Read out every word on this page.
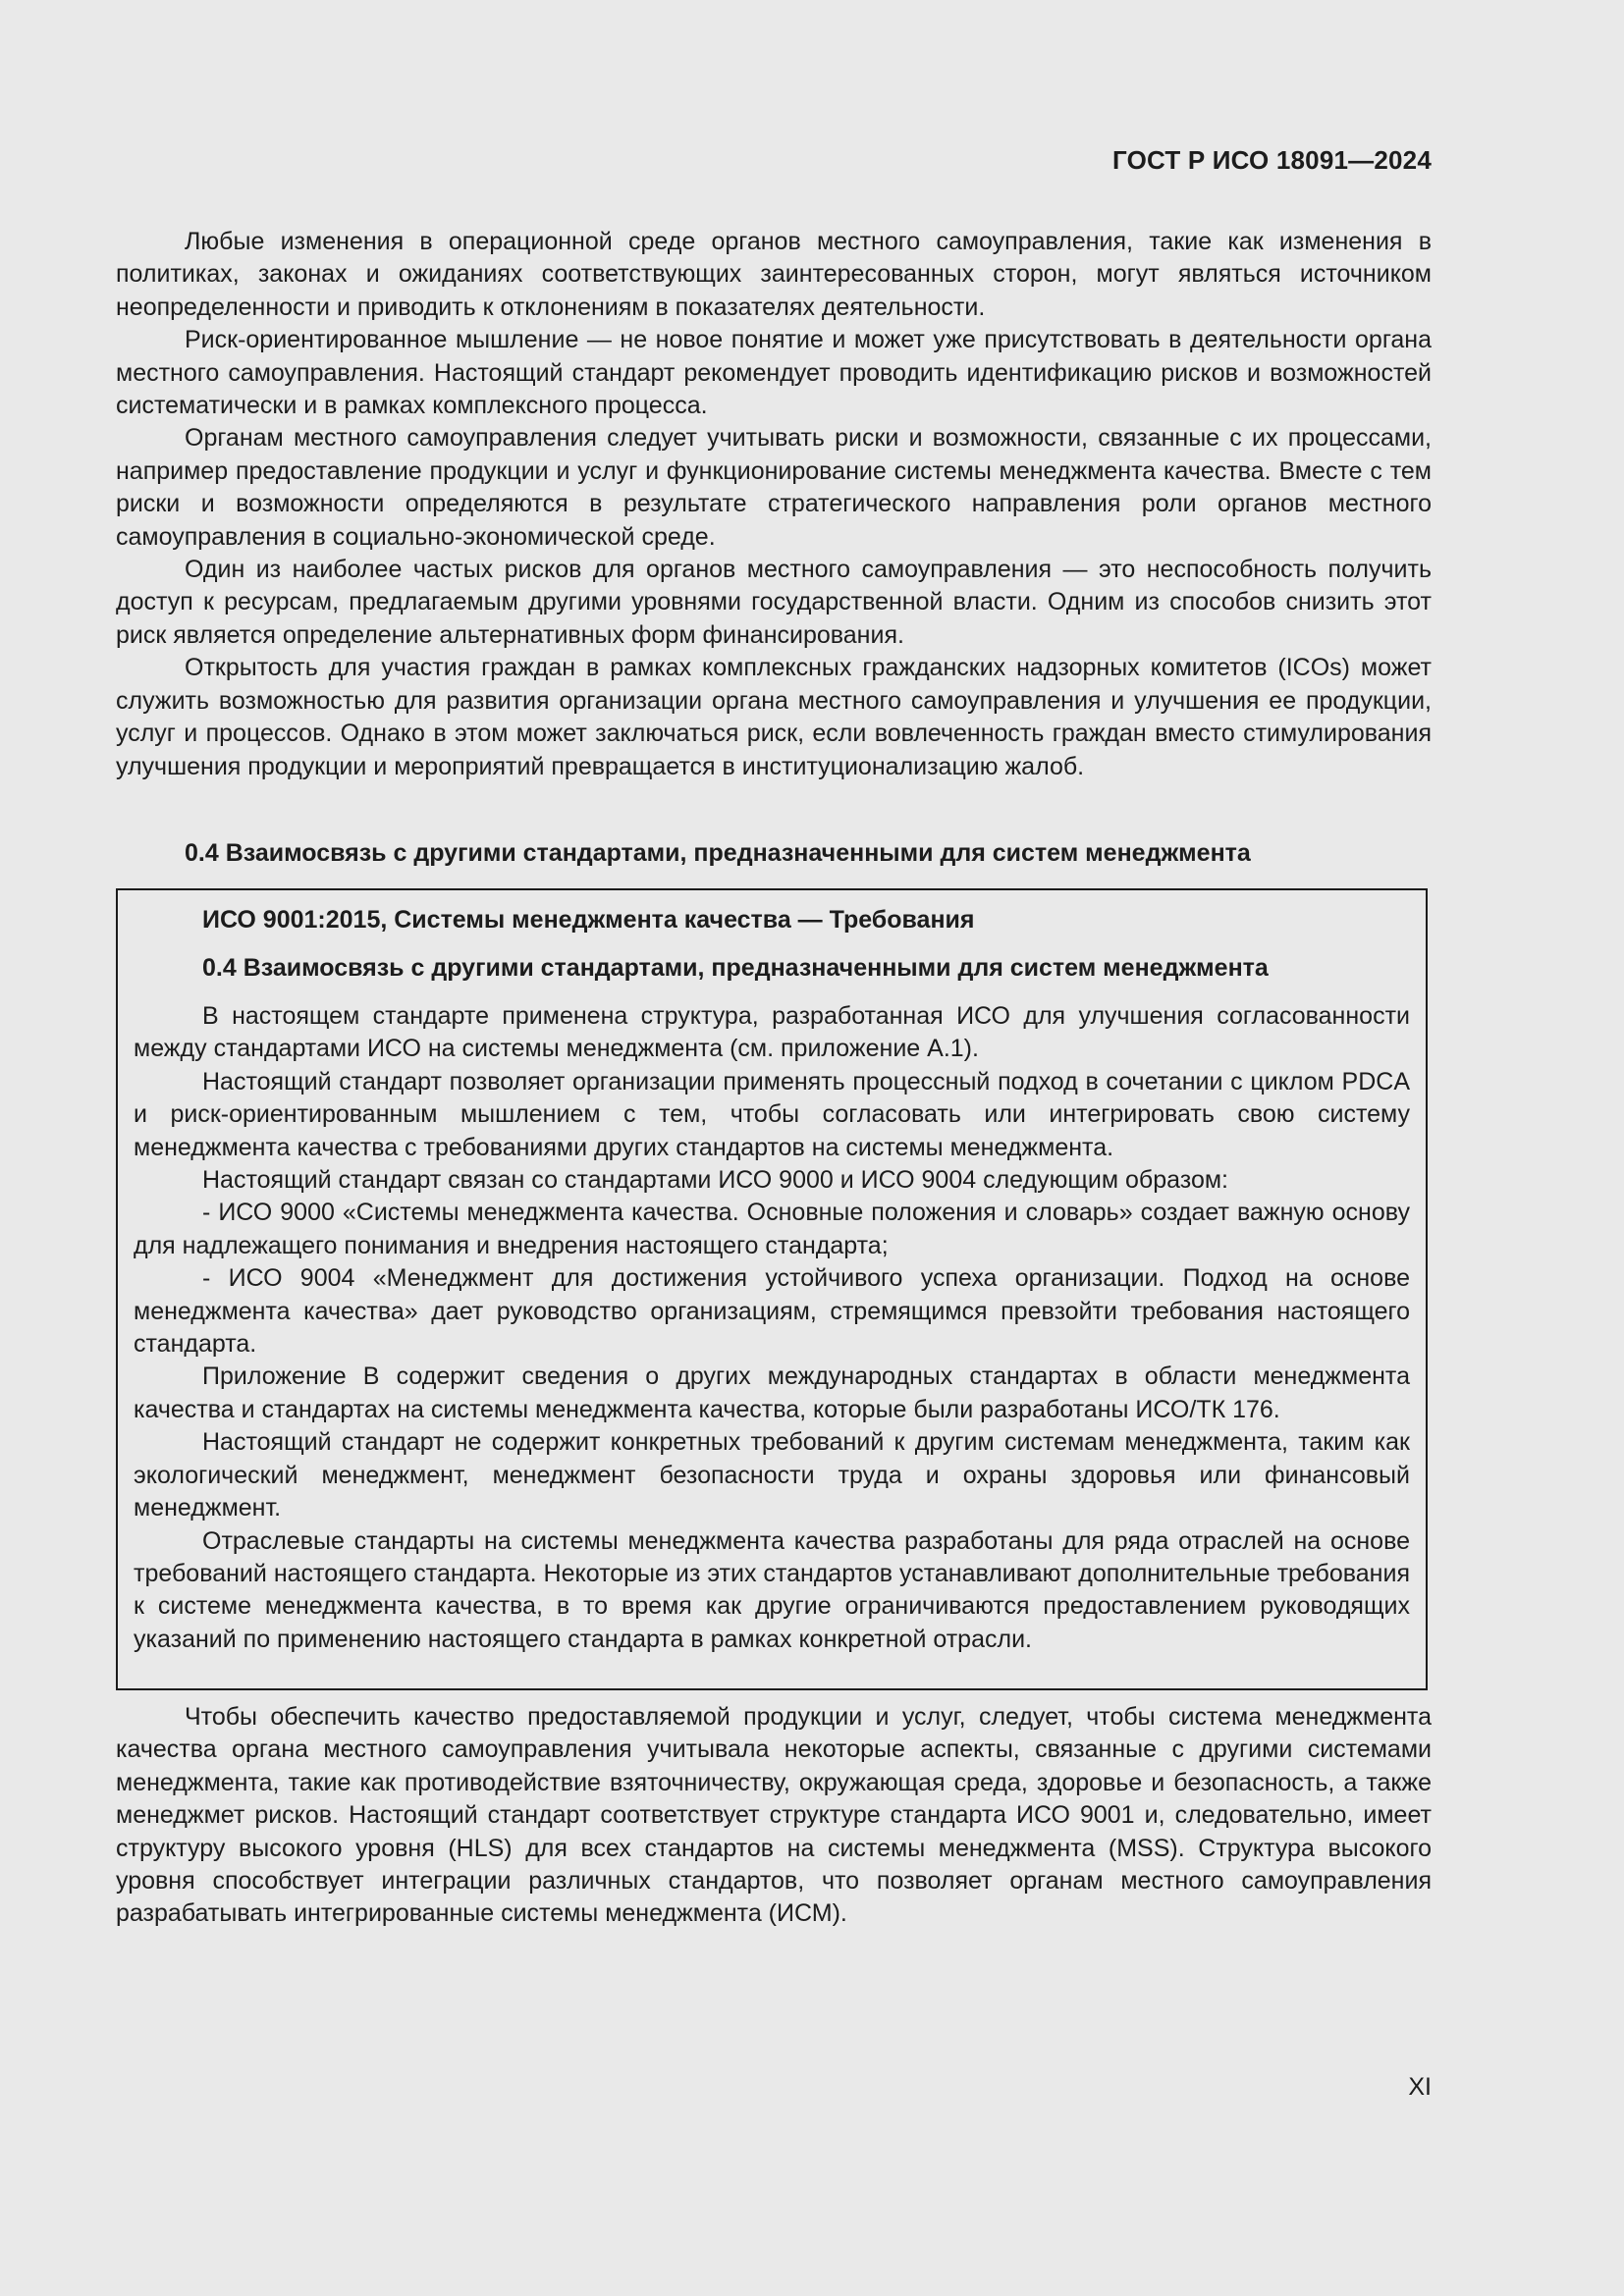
ГОСТ Р ИСО 18091—2024

Любые изменения в операционной среде органов местного самоуправления, такие как изменения в политиках, законах и ожиданиях соответствующих заинтересованных сторон, могут являться источником неопределенности и приводить к отклонениям в показателях деятельности.

Риск-ориентированное мышление — не новое понятие и может уже присутствовать в деятельности органа местного самоуправления. Настоящий стандарт рекомендует проводить идентификацию рисков и возможностей систематически и в рамках комплексного процесса.

Органам местного самоуправления следует учитывать риски и возможности, связанные с их процессами, например предоставление продукции и услуг и функционирование системы менеджмента качества. Вместе с тем риски и возможности определяются в результате стратегического направления роли органов местного самоуправления в социально-экономической среде.

Один из наиболее частых рисков для органов местного самоуправления — это неспособность получить доступ к ресурсам, предлагаемым другими уровнями государственной власти. Одним из способов снизить этот риск является определение альтернативных форм финансирования.

Открытость для участия граждан в рамках комплексных гражданских надзорных комитетов (ICOs) может служить возможностью для развития организации органа местного самоуправления и улучшения ее продукции, услуг и процессов. Однако в этом может заключаться риск, если вовлеченность граждан вместо стимулирования улучшения продукции и мероприятий превращается в институционализацию жалоб.

0.4 Взаимосвязь с другими стандартами, предназначенными для систем менеджмента
ИСО 9001:2015, Системы менеджмента качества — Требования
0.4 Взаимосвязь с другими стандартами, предназначенными для систем менеджмента

В настоящем стандарте применена структура, разработанная ИСО для улучшения согласованности между стандартами ИСО на системы менеджмента (см. приложение А.1).

Настоящий стандарт позволяет организации применять процессный подход в сочетании с циклом PDCA и риск-ориентированным мышлением с тем, чтобы согласовать или интегрировать свою систему менеджмента качества с требованиями других стандартов на системы менеджмента.

Настоящий стандарт связан со стандартами ИСО 9000 и ИСО 9004 следующим образом:

- ИСО 9000 «Системы менеджмента качества. Основные положения и словарь» создает важную основу для надлежащего понимания и внедрения настоящего стандарта;

- ИСО 9004 «Менеджмент для достижения устойчивого успеха организации. Подход на основе менеджмента качества» дает руководство организациям, стремящимся превзойти требования настоящего стандарта.

Приложение В содержит сведения о других международных стандартах в области менеджмента качества и стандартах на системы менеджмента качества, которые были разработаны ИСО/ТК 176.

Настоящий стандарт не содержит конкретных требований к другим системам менеджмента, таким как экологический менеджмент, менеджмент безопасности труда и охраны здоровья или финансовый менеджмент.

Отраслевые стандарты на системы менеджмента качества разработаны для ряда отраслей на основе требований настоящего стандарта. Некоторые из этих стандартов устанавливают дополнительные требования к системе менеджмента качества, в то время как другие ограничиваются предоставлением руководящих указаний по применению настоящего стандарта в рамках конкретной отрасли.

Чтобы обеспечить качество предоставляемой продукции и услуг, следует, чтобы система менеджмента качества органа местного самоуправления учитывала некоторые аспекты, связанные с другими системами менеджмента, такие как противодействие взяточничеству, окружающая среда, здоровье и безопасность, а также менеджмет рисков. Настоящий стандарт соответствует структуре стандарта ИСО 9001 и, следовательно, имеет структуру высокого уровня (HLS) для всех стандартов на системы менеджмента (MSS). Структура высокого уровня способствует интеграции различных стандартов, что позволяет органам местного самоуправления разрабатывать интегрированные системы менеджмента (ИСМ).

XI
